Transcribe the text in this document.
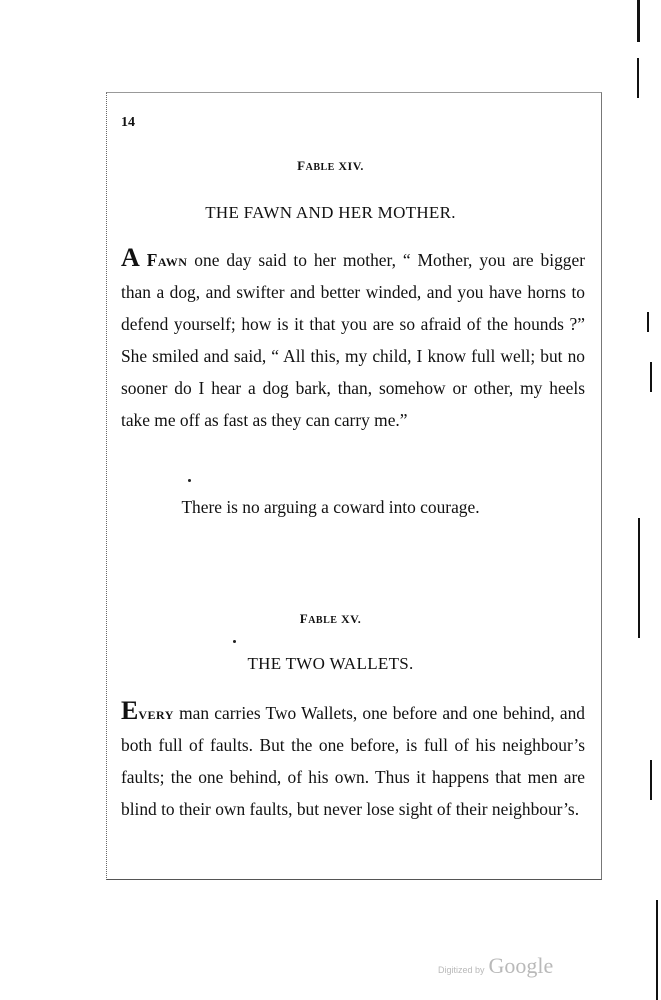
14
FABLE XIV.
THE FAWN AND HER MOTHER.
A Fawn one day said to her mother, “ Mother, you are bigger than a dog, and swifter and better winded, and you have horns to defend yourself; how is it that you are so afraid of the hounds ?” She smiled and said, “ All this, my child, I know full well; but no sooner do I hear a dog bark, than, somehow or other, my heels take me off as fast as they can carry me.”
There is no arguing a coward into courage.
FABLE XV.
THE TWO WALLETS.
Every man carries Two Wallets, one before and one behind, and both full of faults. But the one before, is full of his neighbour’s faults; the one behind, of his own. Thus it happens that men are blind to their own faults, but never lose sight of their neighbour’s.
Digitized by Google
